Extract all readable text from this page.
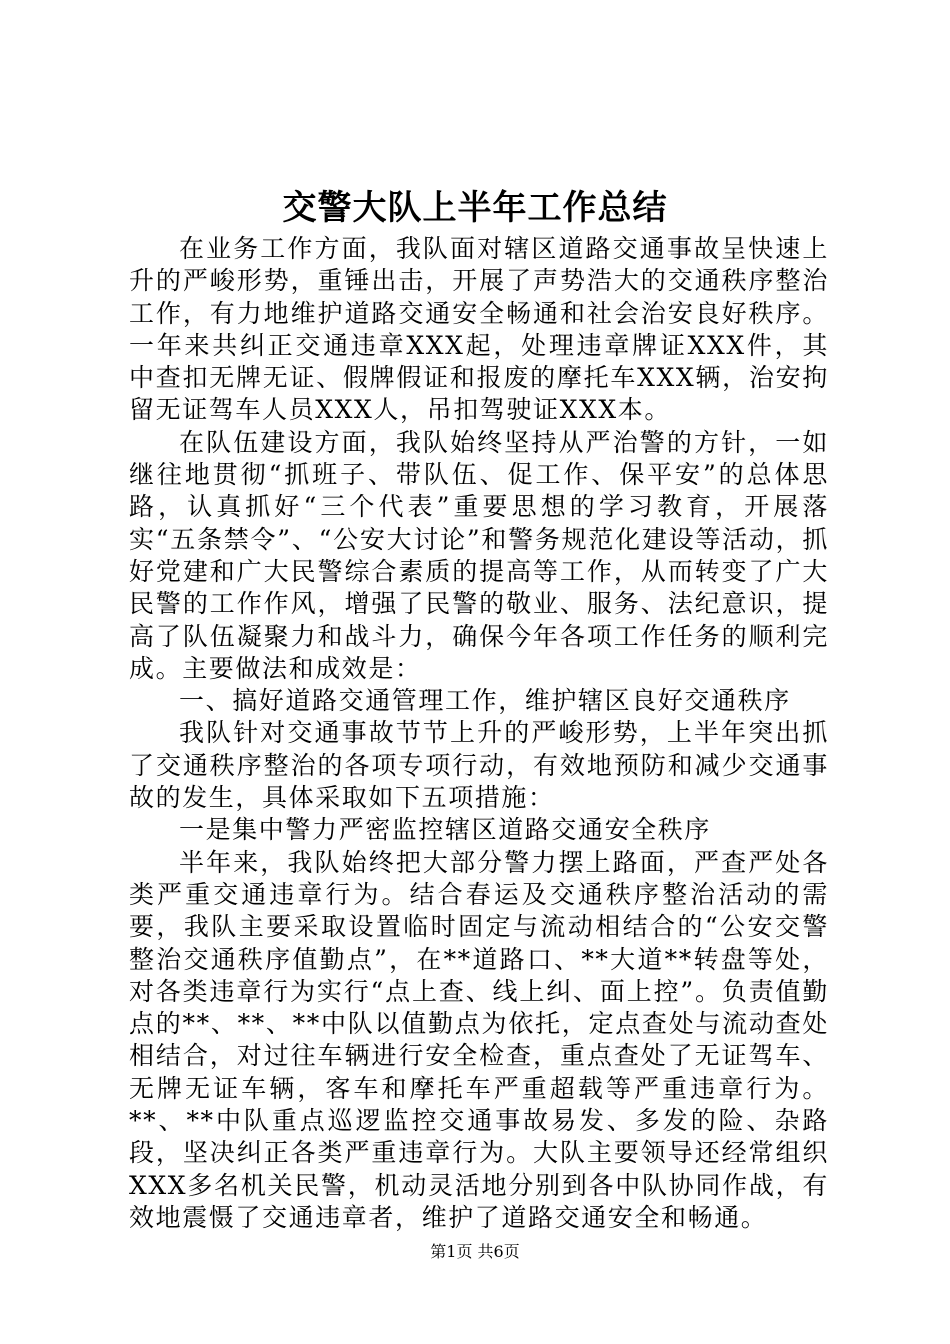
交警大队上半年工作总结

在业务工作方面，我队面对辖区道路交通事故呈快速上升的严峻形势，重锤出击，开展了声势浩大的交通秩序整治工作，有力地维护道路交通安全畅通和社会治安良好秩序。一年来共纠正交通违章XXX起，处理违章牌证XXX件，其中查扣无牌无证、假牌假证和报废的摩托车XXX辆，治安拘留无证驾车人员XXX人，吊扣驾驶证XXX本。

在队伍建设方面，我队始终坚持从严治警的方针，一如继往地贯彻“抓班子、带队伍、促工作、保平安”的总体思路，认真抓好“三个代表”重要思想的学习教育，开展落实“五条禁令”、“公安大讨论”和警务规范化建设等活动，抓好党建和广大民警综合素质的提高等工作，从而转变了广大民警的工作作风，增强了民警的敬业、服务、法纪意识，提高了队伍凝聚力和战斗力，确保今年各项工作任务的顺利完成。主要做法和成效是：

一、搞好道路交通管理工作，维护辖区良好交通秩序

我队针对交通事故节节上升的严峻形势，上半年突出抓了交通秩序整治的各项专项行动，有效地预防和减少交通事故的发生，具体采取如下五项措施：

一是集中警力严密监控辖区道路交通安全秩序

半年来，我队始终把大部分警力摆上路面，严查严处各类严重交通违章行为。结合春运及交通秩序整治活动的需要，我队主要采取设置临时固定与流动相结合的“公安交警整治交通秩序值勤点”，在**道路口、**大道**转盘等处，对各类违章行为实行“点上查、线上纠、面上控”。负责值勤点的**、**、**中队以值勤点为依托，定点查处与流动查处相结合，对过往车辆进行安全检查，重点查处了无证驾车、无牌无证车辆，客车和摩托车严重超载等严重违章行为。**、**中队重点巡逻监控交通事故易发、多发的险、杂路段，坚决纠正各类严重违章行为。大队主要领导还经常组织XXX多名机关民警，机动灵活地分别到各中队协同作战，有效地震慑了交通违章者，维护了道路交通安全和畅通。

第1页 共6页
